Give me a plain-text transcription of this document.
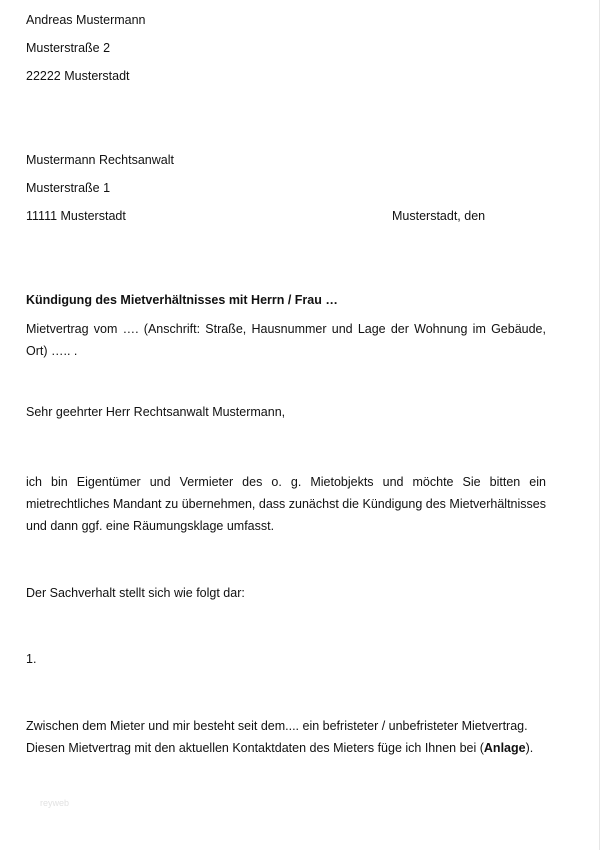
Andreas Mustermann
Musterstraße 2
22222 Musterstadt
Mustermann Rechtsanwalt
Musterstraße 1
11111 Musterstadt	Musterstadt, den
Kündigung des Mietverhältnisses mit Herrn / Frau …
Mietvertrag vom …. (Anschrift: Straße, Hausnummer und Lage der Wohnung im Gebäude, Ort) ….. .
Sehr geehrter Herr Rechtsanwalt Mustermann,
ich bin Eigentümer und Vermieter des o. g. Mietobjekts und möchte Sie bitten ein mietrechtliches Mandant zu übernehmen, dass zunächst die Kündigung des Mietverhältnisses und dann ggf. eine Räumungsklage umfasst.
Der Sachverhalt stellt sich wie folgt dar:
1.
Zwischen dem Mieter und mir besteht seit dem.... ein befristeter / unbefristeter Mietvertrag.
Diesen Mietvertrag mit den aktuellen Kontaktdaten des Mieters füge ich Ihnen bei (Anlage).
reyweb
